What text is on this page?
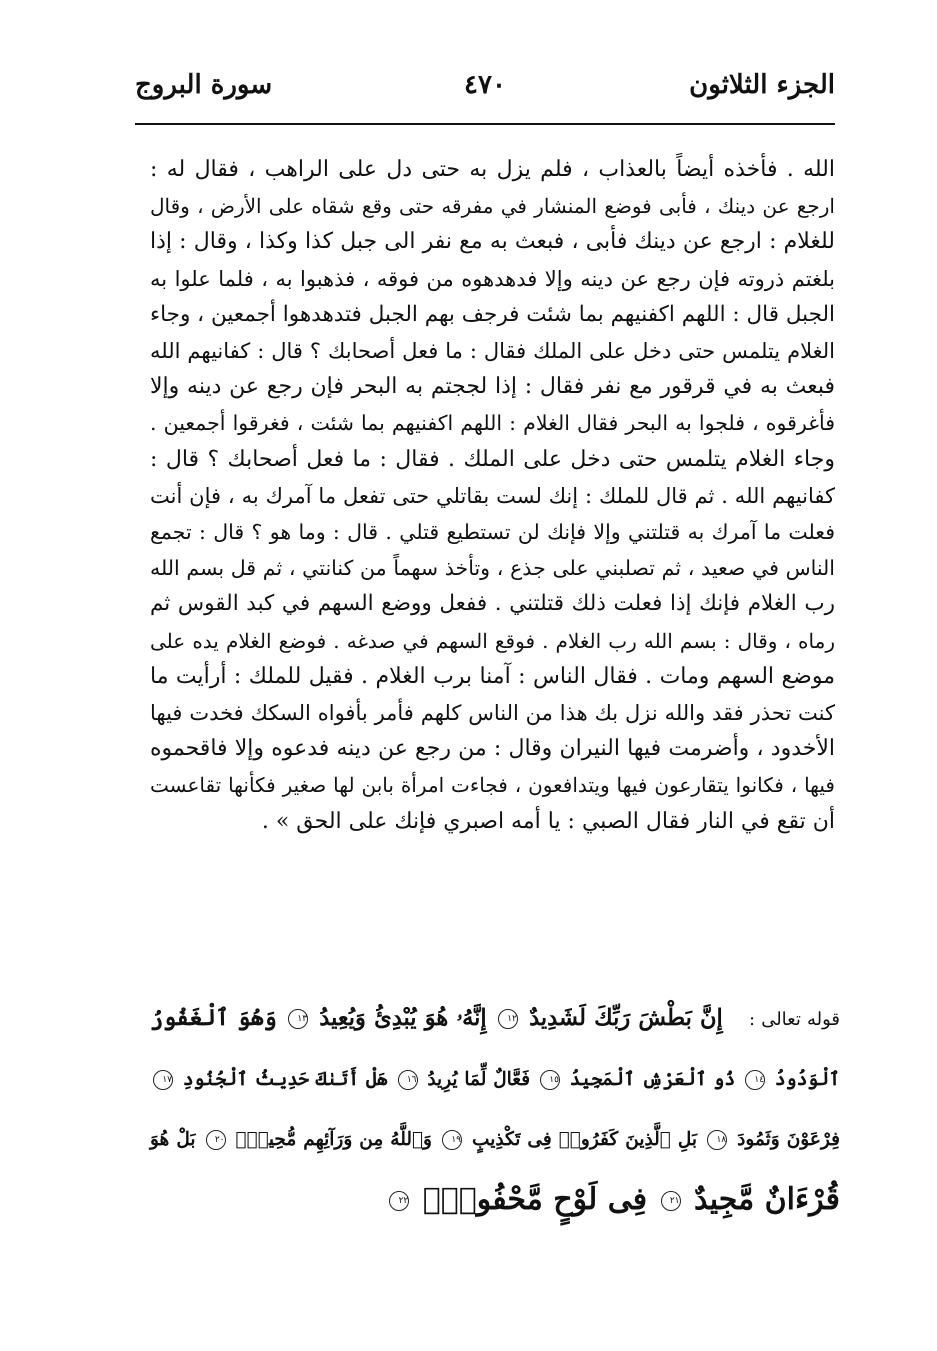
الجزء الثلاثون
٤٧٠
سورة البروج
الله . فأخذه أيضاً بالعذاب ، فلم يزل به حتى دل على الراهب ، فقال له :
ارجع عن دينك ، فأبى فوضع المنشار في مفرقه حتى وقع شقاه على الأرض ، وقال
للغلام : ارجع عن دينك فأبى ، فبعث به مع نفر الى جبل كذا وكذا ، وقال : إذا
بلغتم ذروته فإن رجع عن دينه وإلا فدهدهوه من فوقه ، فذهبوا به ، فلما علوا به
الجبل قال : اللهم اكفنيهم بما شئت فرجف بهم الجبل فتدهدهوا أجمعين ، وجاء
الغلام يتلمس حتى دخل على الملك فقال : ما فعل أصحابك ؟ قال : كفانيهم الله
فبعث به في قرقور مع نفر فقال : إذا لججتم به البحر فإن رجع عن دينه وإلا
فأغرقوه ، فلجوا به البحر فقال الغلام : اللهم اكفنيهم بما شئت ، فغرقوا أجمعين .
وجاء الغلام يتلمس حتى دخل على الملك . فقال : ما فعل أصحابك ؟ قال :
كفانيهم الله . ثم قال للملك : إنك لست بقاتلي حتى تفعل ما آمرك به ، فإن أنت
فعلت ما آمرك به قتلتني وإلا فإنك لن تستطيع قتلي . قال : وما هو ؟ قال : تجمع
الناس في صعيد ، ثم تصلبني على جذع ، وتأخذ سهماً من كنانتي ، ثم قل بسم الله
رب الغلام فإنك إذا فعلت ذلك قتلتني . ففعل ووضع السهم في كبد القوس ثم
رماه ، وقال : بسم الله رب الغلام . فوقع السهم في صدغه . فوضع الغلام يده على
موضع السهم ومات . فقال الناس : آمنا برب الغلام . فقيل للملك : أرأيت ما
كنت تحذر فقد والله نزل بك هذا من الناس كلهم فأمر بأفواه السكك فخدت فيها
الأخدود ، وأضرمت فيها النيران وقال : من رجع عن دينه فدعوه وإلا فاقحموه
فيها ، فكانوا يتقارعون فيها ويتدافعون ، فجاءت امرأة بابن لها صغير فكأنها تقاعست
أن تقع في النار فقال الصبي : يا أمه اصبري فإنك على الحق » .
قوله تعالى : إِنَّ بَطْشَ رَبِّكَ لَشَدِيدٌ ١٢ إِنَّهُۥ هُوَ يُبْدِئُ وَيُعِيدُ ١٣ وَهُوَ ٱلْغَفُورُ
ٱلْوَدُودُ ١٤ ذُو ٱلْعَرْشِ ٱلْمَجِيدُ ١٥ فَعَّالٌ لِّمَا يُرِيدُ ١٦ هَلْ أَتَىٰكَ حَدِيثُ ٱلْجُنُودِ ١٧
فِرْعَوْنَ وَثَمُودَ ١٨ بَلِ ٱلَّذِينَ كَفَرُوا۟ فِى تَكْذِيبٍ ١٩ وَٱللَّهُ مِن وَرَآئِهِم مُّحِيطٌۢ ٢٠ بَلْ هُوَ
قُرْءَانٌ مَّجِيدٌ ٢١ فِى لَوْحٍ مَّحْفُوظٍۭ ٢٢
